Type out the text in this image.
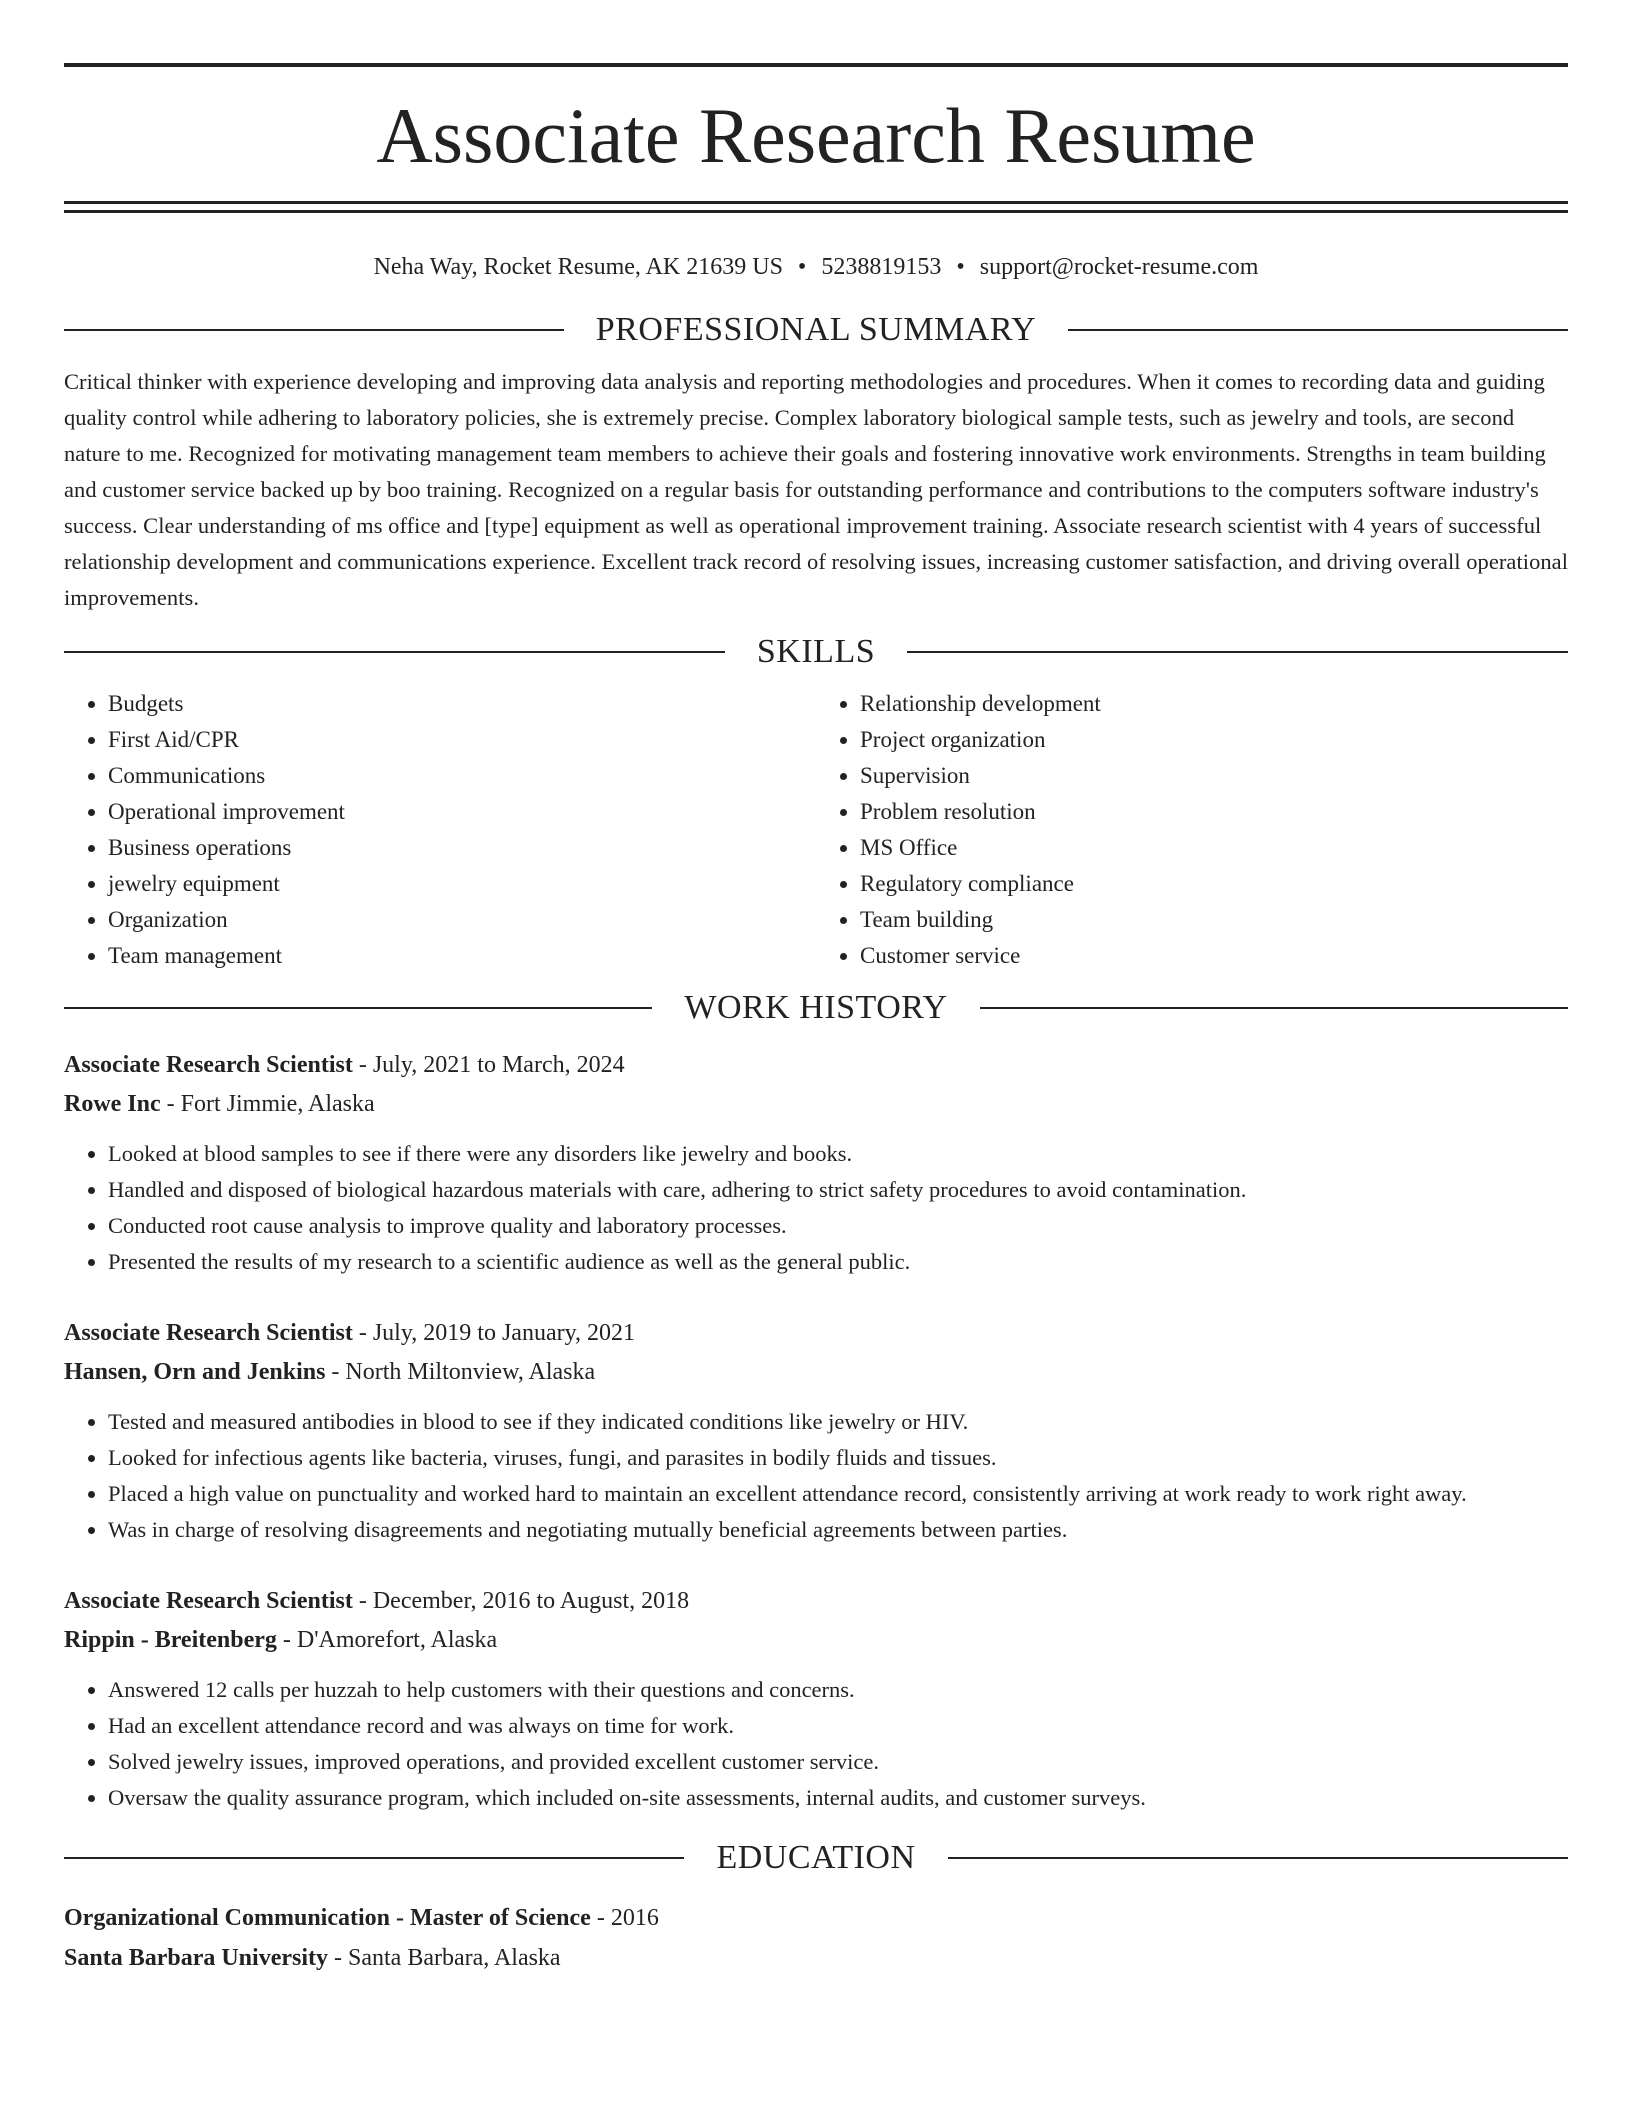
Associate Research Resume
Neha Way, Rocket Resume, AK 21639 US • 5238819153 • support@rocket-resume.com
PROFESSIONAL SUMMARY

Critical thinker with experience developing and improving data analysis and reporting methodologies and procedures. When it comes to recording data and guiding quality control while adhering to laboratory policies, she is extremely precise. Complex laboratory biological sample tests, such as jewelry and tools, are second nature to me. Recognized for motivating management team members to achieve their goals and fostering innovative work environments. Strengths in team building and customer service backed up by boo training. Recognized on a regular basis for outstanding performance and contributions to the computers software industry's success. Clear understanding of ms office and [type] equipment as well as operational improvement training. Associate research scientist with 4 years of successful relationship development and communications experience. Excellent track record of resolving issues, increasing customer satisfaction, and driving overall operational improvements.

SKILLS
• Budgets
• First Aid/CPR
• Communications
• Operational improvement
• Business operations
• jewelry equipment
• Organization
• Team management
• Relationship development
• Project organization
• Supervision
• Problem resolution
• MS Office
• Regulatory compliance
• Team building
• Customer service
WORK HISTORY
Associate Research Scientist - July, 2021 to March, 2024
Rowe Inc - Fort Jimmie, Alaska
• Looked at blood samples to see if there were any disorders like jewelry and books.
• Handled and disposed of biological hazardous materials with care, adhering to strict safety procedures to avoid contamination.
• Conducted root cause analysis to improve quality and laboratory processes.
• Presented the results of my research to a scientific audience as well as the general public.
Associate Research Scientist - July, 2019 to January, 2021
Hansen, Orn and Jenkins - North Miltonview, Alaska
• Tested and measured antibodies in blood to see if they indicated conditions like jewelry or HIV.
• Looked for infectious agents like bacteria, viruses, fungi, and parasites in bodily fluids and tissues.
• Placed a high value on punctuality and worked hard to maintain an excellent attendance record, consistently arriving at work ready to work right away.
• Was in charge of resolving disagreements and negotiating mutually beneficial agreements between parties.
Associate Research Scientist - December, 2016 to August, 2018
Rippin - Breitenberg - D'Amorefort, Alaska
• Answered 12 calls per huzzah to help customers with their questions and concerns.
• Had an excellent attendance record and was always on time for work.
• Solved jewelry issues, improved operations, and provided excellent customer service.
• Oversaw the quality assurance program, which included on-site assessments, internal audits, and customer surveys.
EDUCATION
Organizational Communication - Master of Science - 2016
Santa Barbara University - Santa Barbara, Alaska
